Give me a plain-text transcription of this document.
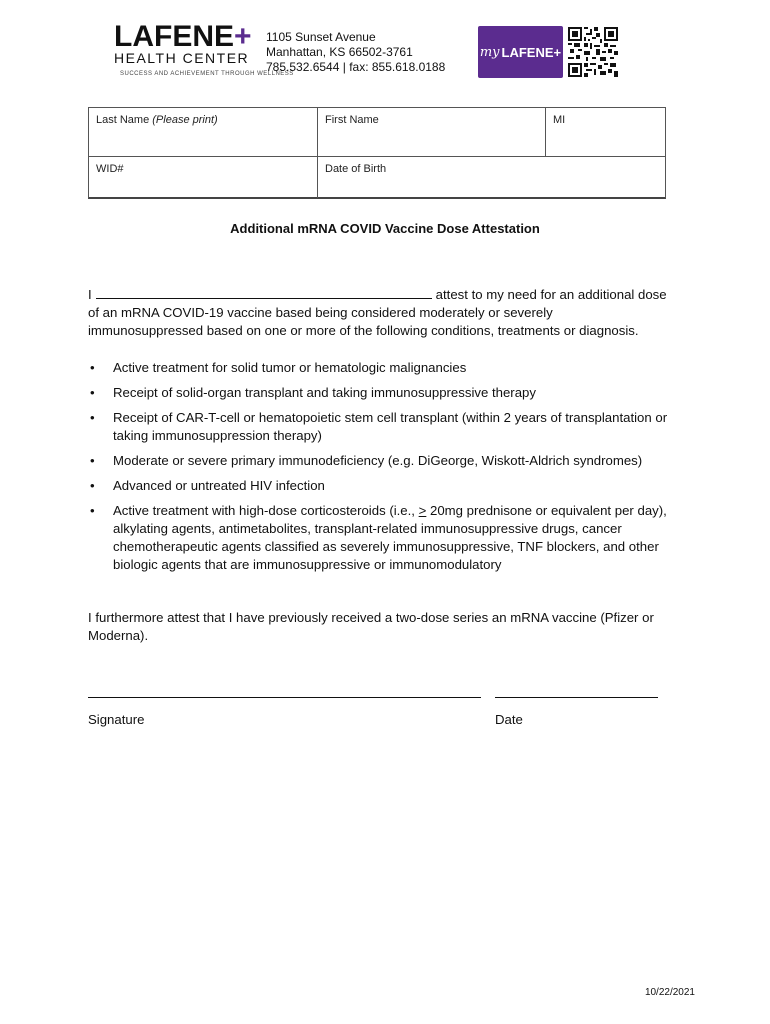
LAFENE+
HEALTH CENTER
SUCCESS AND ACHIEVEMENT THROUGH WELLNESS
1105 Sunset Avenue
Manhattan, KS 66502-3761
785.532.6544 | fax: 855.618.0188
my LAFENE+
Last Name (Please print)	First Name	MI
WID#	Date of Birth
Additional mRNA COVID Vaccine Dose Attestation
I	attest to my need for an additional dose of an mRNA COVID-19 vaccine based being considered moderately or severely immunosuppressed based on one or more of the following conditions, treatments or diagnosis.
• Active treatment for solid tumor or hematologic malignancies
• Receipt of solid-organ transplant and taking immunosuppressive therapy
• Receipt of CAR-T-cell or hematopoietic stem cell transplant (within 2 years of transplantation or taking immunosuppression therapy)
• Moderate or severe primary immunodeficiency (e.g. DiGeorge, Wiskott-Aldrich syndromes)
• Advanced or untreated HIV infection
• Active treatment with high-dose corticosteroids (i.e., > 20mg prednisone or equivalent per day), alkylating agents, antimetabolites, transplant-related immunosuppressive drugs, cancer chemotherapeutic agents classified as severely immunosuppressive, TNF blockers, and other biologic agents that are immunosuppressive or immunomodulatory
I furthermore attest that I have previously received a two-dose series an mRNA vaccine (Pfizer or Moderna).
Signature	Date
10/22/2021
